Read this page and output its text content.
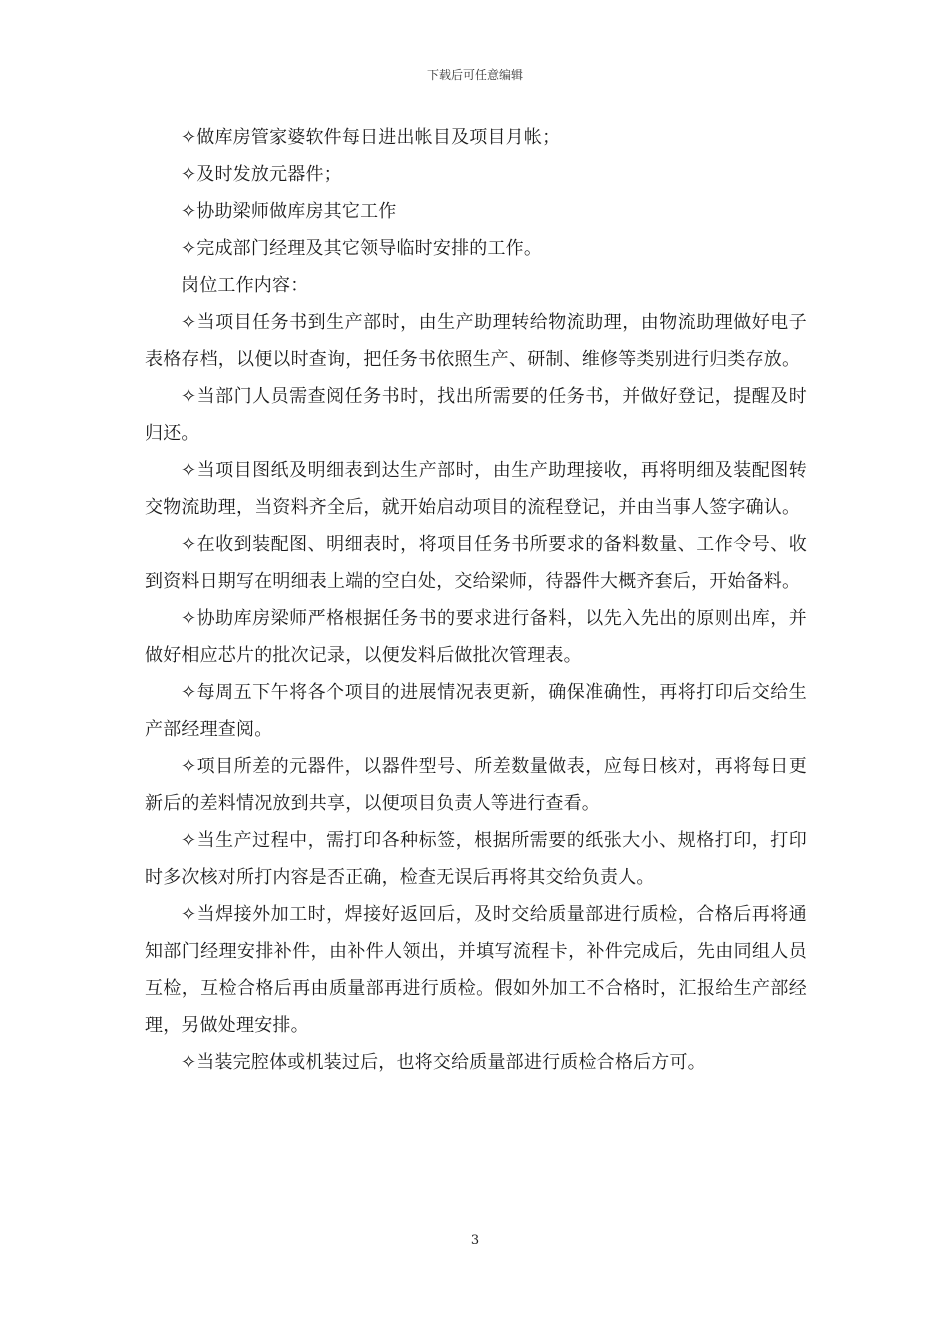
下载后可任意编辑

✧做库房管家婆软件每日进出帐目及项目月帐；

✧及时发放元器件；

✧协助梁师做库房其它工作

✧完成部门经理及其它领导临时安排的工作。

岗位工作内容：

✧当项目任务书到生产部时，由生产助理转给物流助理，由物流助理做好电子表格存档，以便以时查询，把任务书依照生产、研制、维修等类别进行归类存放。

✧当部门人员需查阅任务书时，找出所需要的任务书，并做好登记，提醒及时归还。

✧当项目图纸及明细表到达生产部时，由生产助理接收，再将明细及装配图转交物流助理，当资料齐全后，就开始启动项目的流程登记，并由当事人签字确认。

✧在收到装配图、明细表时，将项目任务书所要求的备料数量、工作令号、收到资料日期写在明细表上端的空白处，交给梁师，待器件大概齐套后，开始备料。

✧协助库房梁师严格根据任务书的要求进行备料，以先入先出的原则出库，并做好相应芯片的批次记录，以便发料后做批次管理表。

✧每周五下午将各个项目的进展情况表更新，确保准确性，再将打印后交给生产部经理查阅。

✧项目所差的元器件，以器件型号、所差数量做表，应每日核对，再将每日更新后的差料情况放到共享，以便项目负责人等进行查看。

✧当生产过程中，需打印各种标签，根据所需要的纸张大小、规格打印，打印时多次核对所打内容是否正确，检查无误后再将其交给负责人。

✧当焊接外加工时，焊接好返回后，及时交给质量部进行质检，合格后再将通知部门经理安排补件，由补件人领出，并填写流程卡，补件完成后，先由同组人员互检，互检合格后再由质量部再进行质检。假如外加工不合格时，汇报给生产部经理，另做处理安排。

✧当装完腔体或机装过后，也将交给质量部进行质检合格后方可。

3
